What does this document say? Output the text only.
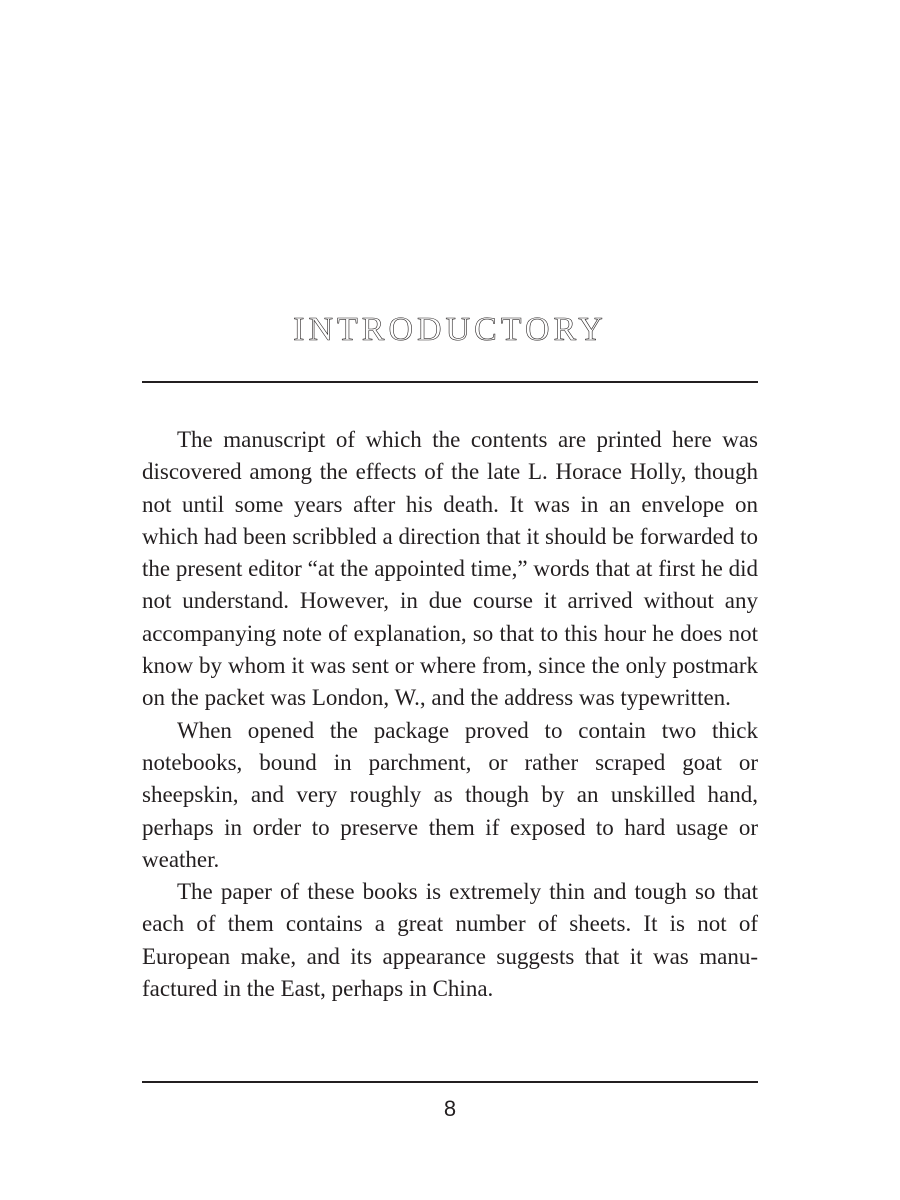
INTRODUCTORY

The manuscript of which the contents are printed here was discovered among the effects of the late L. Horace Holly, though not until some years after his death. It was in an envelope on which had been scribbled a direction that it should be forwarded to the present editor “at the appointed time,” words that at first he did not understand. However, in due course it arrived without any accompanying note of explanation, so that to this hour he does not know by whom it was sent or where from, since the only postmark on the packet was London, W., and the address was typewritten.

When opened the package proved to contain two thick notebooks, bound in parchment, or rather scraped goat or sheepskin, and very roughly as though by an unskilled hand, perhaps in order to preserve them if exposed to hard usage or weather.

The paper of these books is extremely thin and tough so that each of them contains a great number of sheets. It is not of European make, and its appearance suggests that it was manufactured in the East, perhaps in China.

8
